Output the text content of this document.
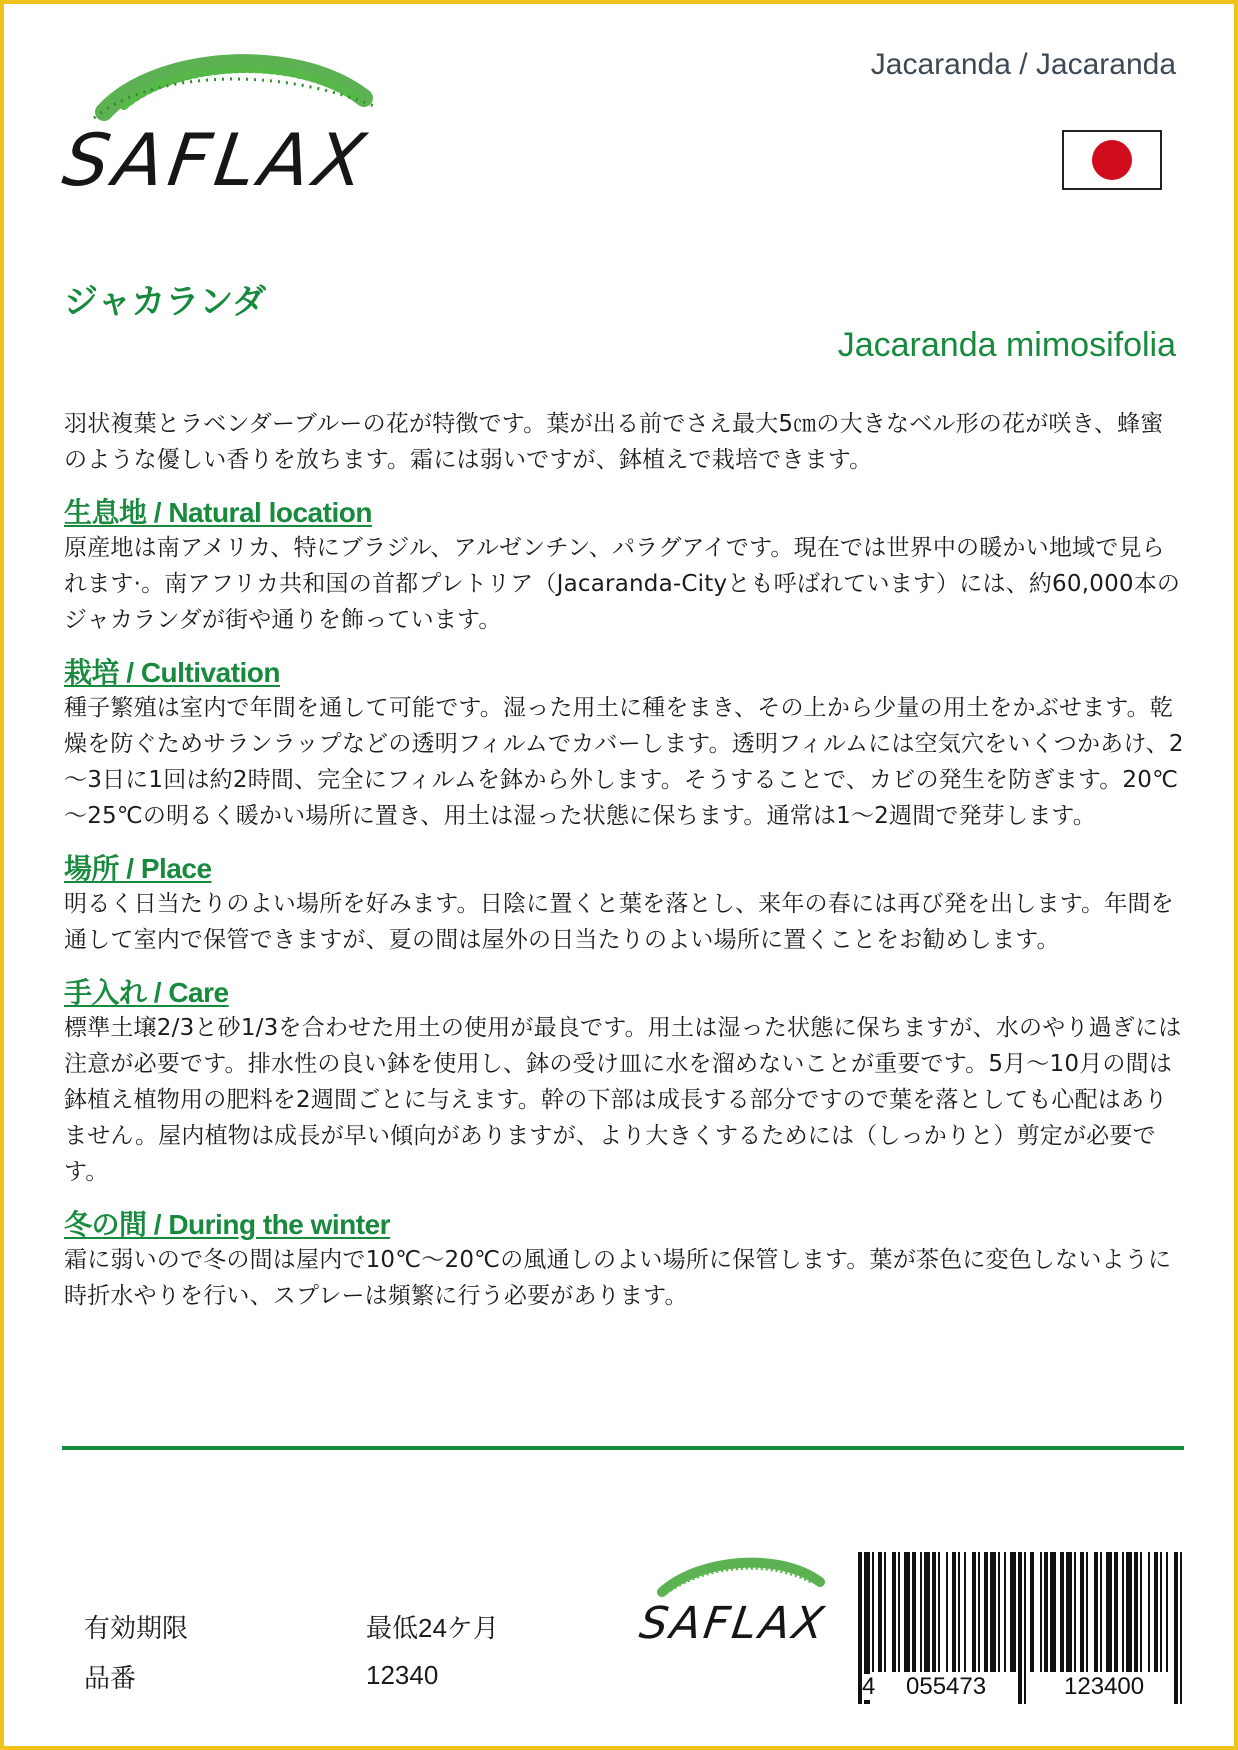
SAFLAX
Jacaranda / Jacaranda
ジャカランダ
Jacaranda mimosifolia

羽状複葉とラベンダーブルーの花が特徴です。葉が出る前でさえ最大5㎝の大きなベル形の花が咲き、蜂蜜のような優しい香りを放ちます。霜には弱いですが、鉢植えで栽培できます。

生息地 / Natural location

原産地は南アメリカ、特にブラジル、アルゼンチン、パラグアイです。現在では世界中の暖かい地域で見られます·。南アフリカ共和国の首都プレトリア（Jacaranda-Cityとも呼ばれています）には、約60,000本のジャカランダが街や通りを飾っています。

栽培 / Cultivation

種子繁殖は室内で年間を通して可能です。湿った用土に種をまき、その上から少量の用土をかぶせます。乾燥を防ぐためサランラップなどの透明フィルムでカバーします。透明フィルムには空気穴をいくつかあけ、2～3日に1回は約2時間、完全にフィルムを鉢から外します。そうすることで、カビの発生を防ぎます。20℃～25℃の明るく暖かい場所に置き、用土は湿った状態に保ちます。通常は1～2週間で発芽します。

場所 / Place

明るく日当たりのよい場所を好みます。日陰に置くと葉を落とし、来年の春には再び発を出します。年間を通して室内で保管できますが、夏の間は屋外の日当たりのよい場所に置くことをお勧めします。

手入れ / Care

標準土壌2/3と砂1/3を合わせた用土の使用が最良です。用土は湿った状態に保ちますが、水のやり過ぎには注意が必要です。排水性の良い鉢を使用し、鉢の受け皿に水を溜めないことが重要です。5月～10月の間は鉢植え植物用の肥料を2週間ごとに与えます。幹の下部は成長する部分ですので葉を落としても心配はありません。屋内植物は成長が早い傾向がありますが、より大きくするためには（しっかりと）剪定が必要です。

冬の間 / During the winter

霜に弱いので冬の間は屋内で10℃～20℃の風通しのよい場所に保管します。葉が茶色に変色しないように時折水やりを行い、スプレーは頻繁に行う必要があります。

有効期限	最低24ケ月
品番	12340
SAFLAX
4 055473	123400
